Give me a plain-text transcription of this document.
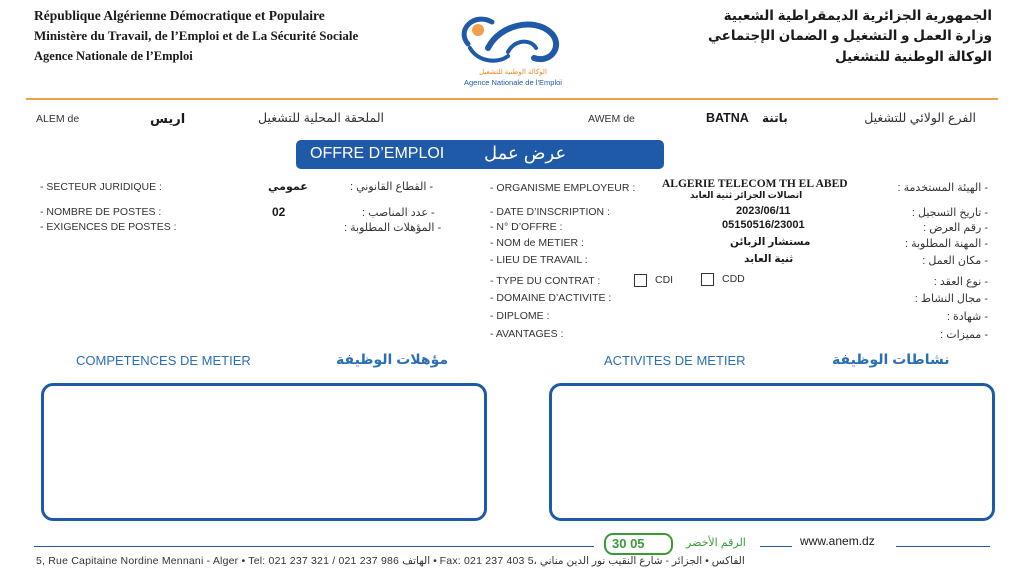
République Algérienne Démocratique et Populaire
Ministère du Travail, de l’Emploi et de La Sécurité Sociale
Agence Nationale de l’Emploi
الوكالة الوطنية للتشغيل
Agence Nationale de l’Emploi
الجمهورية الجزائرية الديمقراطية الشعبية
وزارة العمل و التشغيل و الضمان الإجتماعي
الوكالة الوطنية للتشغيل
ALEM de	اريس	الملحقة المحلية للتشغيل	AWEM de	BATNA باتنة	الفرع الولائي للتشغيل
OFFRE D’EMPLOI عرض عمل
- SECTEUR JURIDIQUE :	عمومي	- القطاع القانوني :
- NOMBRE DE POSTES :	02	- عدد المناصب :
- EXIGENCES DE POSTES :	- المؤهلات المطلوبة :
- ORGANISME EMPLOYEUR : ALGERIE TELECOM TH EL ABED
اتصالات الجزائر ثنية العابد
- الهيئة المستخدمة :
- DATE D’INSCRIPTION :	2023/06/11	- تاريخ التسجيل :
- N° D’OFFRE :	05150516/23001	- رقم العرض :
- NOM de METIER :	مستشار الزبائن	- المهنة المطلوبة :
- LIEU DE TRAVAIL :	ثنية العابد	- مكان العمل :
- TYPE DU CONTRAT :	CDI	CDD	- نوع العقد :
- DOMAINE D’ACTIVITE :	- مجال النشاط :
- DIPLOME :	- شهادة :
- AVANTAGES :	- مميزات :
COMPETENCES DE METIER	مؤهلات الوظيفة	ACTIVITES DE METIER	نشاطات الوظيفة
30 05	الرقم الأخضر	www.anem.dz
5, Rue Capitaine Nordine Mennani - Alger • Tel: 021 237 321 / 021 237 986 الهاتف • Fax: 021 237 403 الفاكس • الجزائر - شارع النقيب نور الدين مناني ،5
